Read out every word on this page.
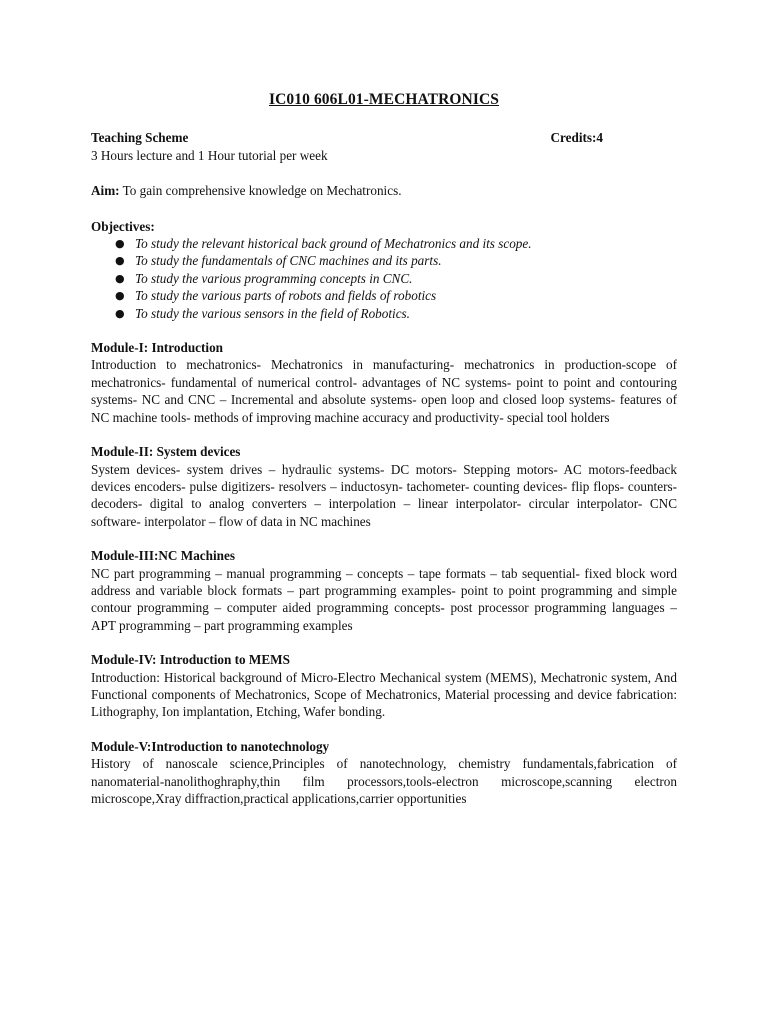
IC010 606L01-MECHATRONICS
Teaching Scheme	Credits:4

3 Hours lecture and 1 Hour tutorial per week

Aim: To gain comprehensive knowledge on Mechatronics.

Objectives:
● To study the relevant historical back ground of Mechatronics and its scope.
● To study the fundamentals of CNC machines and its parts.
● To study the various programming concepts in CNC.
● To study the various parts of robots and fields of robotics
● To study the various sensors in the field of Robotics.
Module-I: Introduction

Introduction to mechatronics- Mechatronics in manufacturing- mechatronics in production-scope of mechatronics- fundamental of numerical control- advantages of NC systems- point to point and contouring systems- NC and CNC – Incremental and absolute systems- open loop and closed loop systems- features of NC machine tools- methods of improving machine accuracy and productivity- special tool holders

Module-II: System devices

System devices- system drives – hydraulic systems- DC motors- Stepping motors- AC motors-feedback devices encoders- pulse digitizers- resolvers – inductosyn- tachometer- counting devices- flip flops- counters- decoders- digital to analog converters – interpolation – linear interpolator- circular interpolator- CNC software- interpolator – flow of data in NC machines

Module-III:NC Machines

NC part programming – manual programming – concepts – tape formats – tab sequential- fixed block word address and variable block formats – part programming examples- point to point programming and simple contour programming – computer aided programming concepts- post processor programming languages – APT programming – part programming examples

Module-IV: Introduction to MEMS

Introduction: Historical background of Micro-Electro Mechanical system (MEMS), Mechatronic system, And Functional components of Mechatronics, Scope of Mechatronics, Material processing and device fabrication: Lithography, Ion implantation, Etching, Wafer bonding.

Module-V:Introduction to nanotechnology

History of nanoscale science,Principles of nanotechnology, chemistry fundamentals,fabrication of nanomaterial-nanolithoghraphy,thin film processors,tools-electron microscope,scanning electron microscope,Xray diffraction,practical applications,carrier opportunities
